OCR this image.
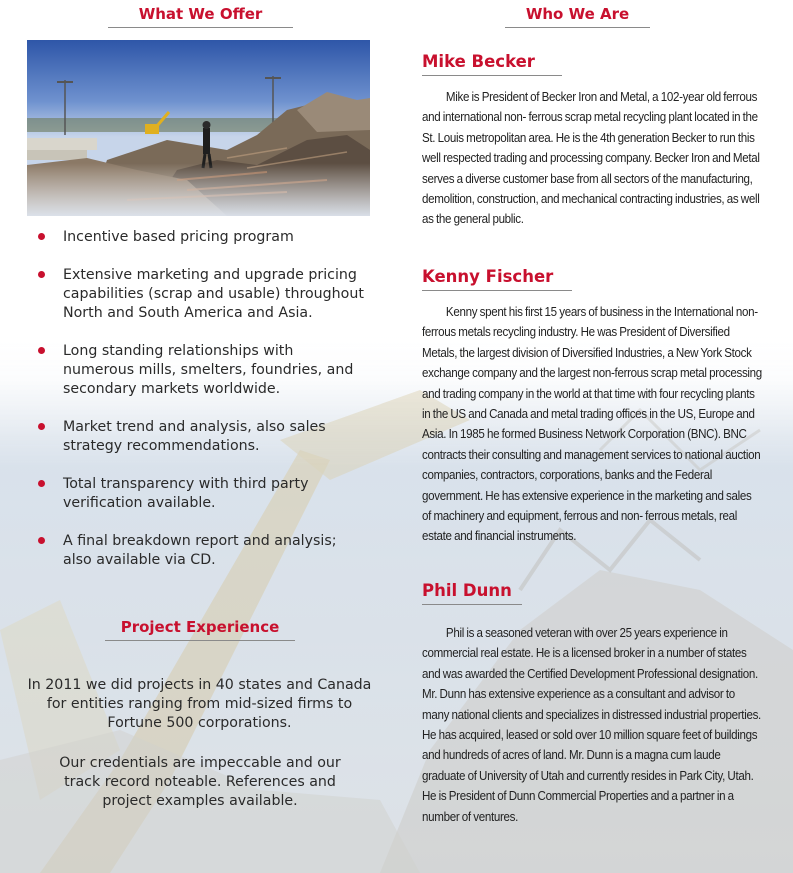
What We Offer
Incentive based pricing program
Extensive marketing and upgrade pricing capabilities (scrap and usable) throughout North and South America and Asia.
Long standing relationships with numerous mills, smelters, foundries, and secondary markets worldwide.
Market trend and analysis, also sales strategy recommendations.
Total transparency with third party verification available.
A final breakdown report and analysis; also available via CD.
Project Experience
In 2011 we did projects in 40 states and Canada for entities ranging from mid-sized firms to Fortune 500 corporations.
Our credentials are impeccable and our track record noteable. References and project examples available.
Who We Are
Mike Becker

Mike is President of Becker Iron and Metal, a 102-year old ferrous and international non- ferrous scrap metal recycling plant located in the St. Louis metropolitan area. He is the 4th generation Becker to run this well respected trading and processing company. Becker Iron and Metal serves a diverse customer base from all sectors of the manufacturing, demolition, construction, and mechanical contracting industries, as well as the general public.

Kenny Fischer

Kenny spent his first 15 years of business in the International non-ferrous metals recycling industry. He was President of Diversified Metals, the largest division of Diversified Industries, a New York Stock exchange company and the largest non-ferrous scrap metal processing and trading company in the world at that time with four recycling plants in the US and Canada and metal trading offices in the US, Europe and Asia. In 1985 he formed Business Network Corporation (BNC). BNC contracts their consulting and management services to national auction companies, contractors, corporations, banks and the Federal government. He has extensive experience in the marketing and sales of machinery and equipment, ferrous and non- ferrous metals, real estate and financial instruments.

Phil Dunn

Phil is a seasoned veteran with over 25 years experience in commercial real estate. He is a licensed broker in a number of states and was awarded the Certified Development Professional designation. Mr. Dunn has extensive experience as a consultant and advisor to many national clients and specializes in distressed industrial properties. He has acquired, leased or sold over 10 million square feet of buildings and hundreds of acres of land. Mr. Dunn is a magna cum laude graduate of University of Utah and currently resides in Park City, Utah. He is President of Dunn Commercial Properties and a partner in a number of ventures.
